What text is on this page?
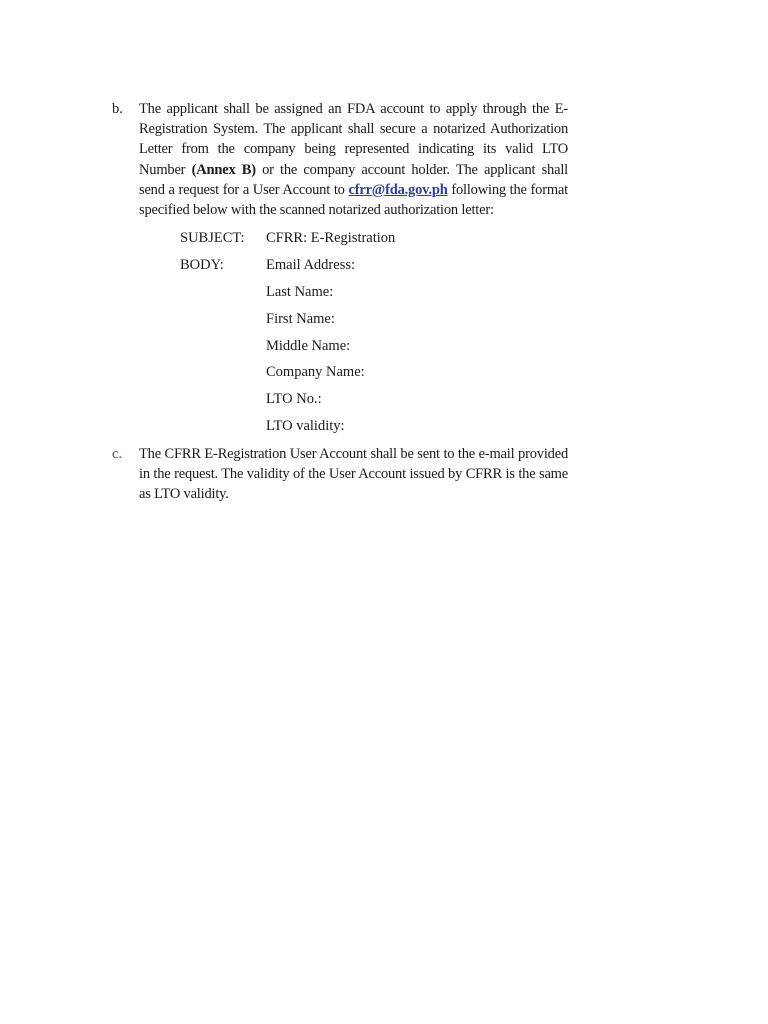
b. The applicant shall be assigned an FDA account to apply through the E-Registration System. The applicant shall secure a notarized Authorization Letter from the company being represented indicating its valid LTO Number (Annex B) or the company account holder. The applicant shall send a request for a User Account to cfrr@fda.gov.ph following the format specified below with the scanned notarized authorization letter:
SUBJECT: CFRR: E-Registration
BODY:	Email Address:
Last Name:
First Name:
Middle Name:
Company Name:
LTO No.:
LTO validity:
c. The CFRR E-Registration User Account shall be sent to the e-mail provided in the request. The validity of the User Account issued by CFRR is the same as LTO validity.
